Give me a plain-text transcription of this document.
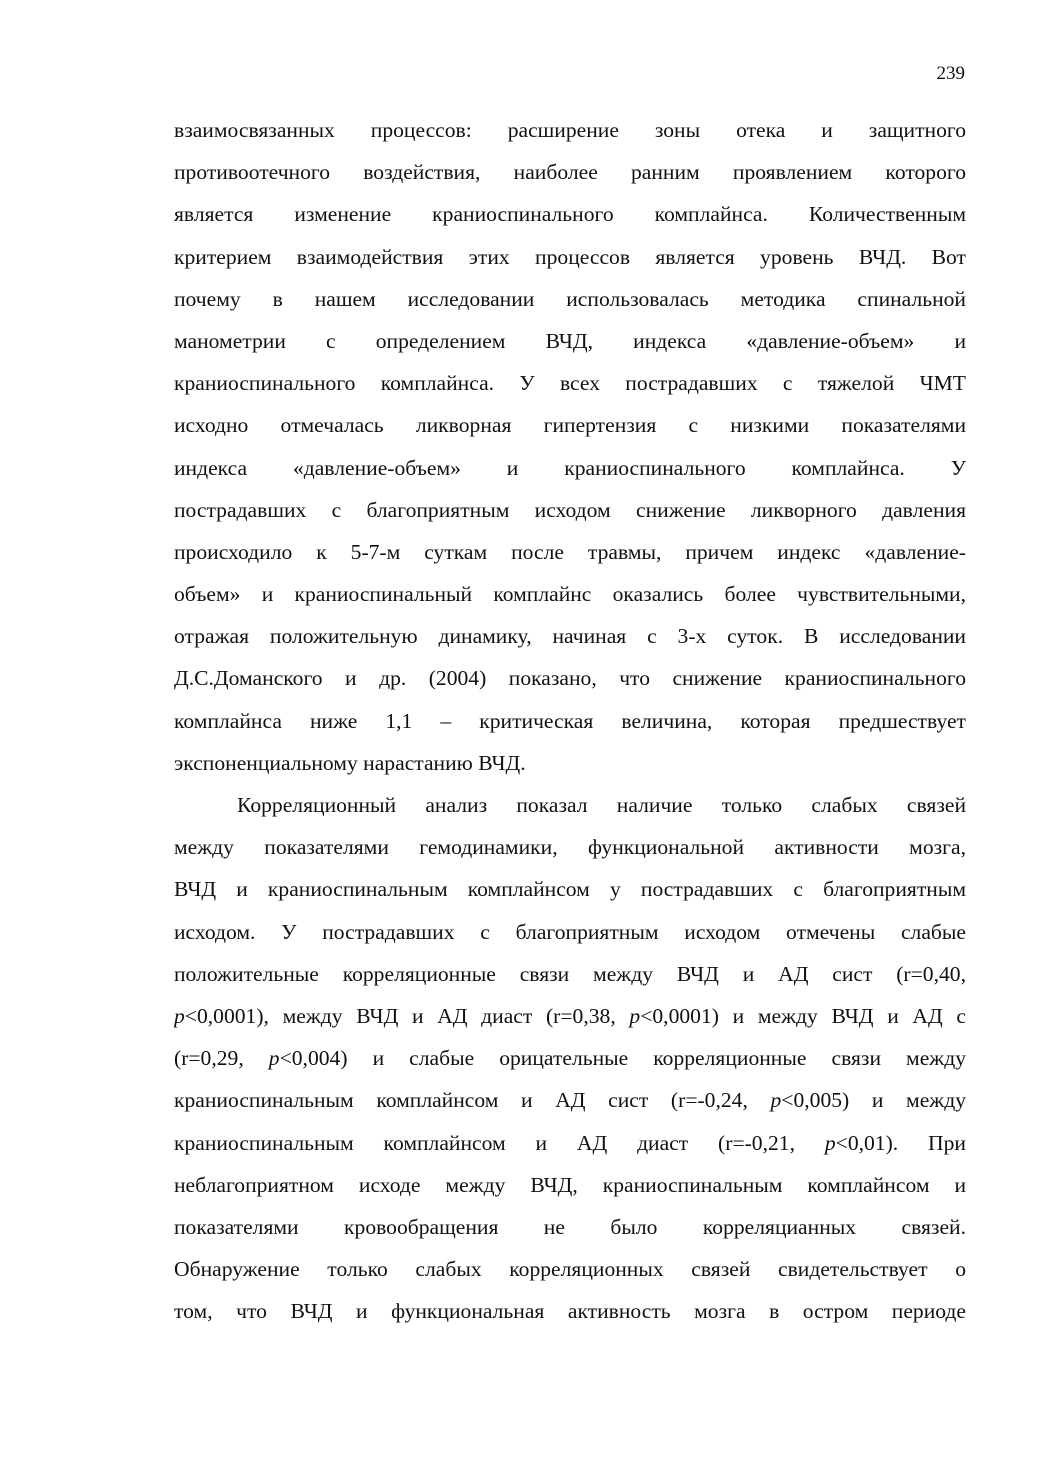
239
взаимосвязанных процессов: расширение зоны отека и защитного
противоотечного воздействия, наиболее ранним проявлением которого
является изменение краниоспинального комплайнса. Количественным
критерием взаимодействия этих процессов является уровень ВЧД. Вот
почему в нашем исследовании использовалась методика спинальной
манометрии с определением ВЧД, индекса «давление-объем» и
краниоспинального комплайнса. У всех пострадавших с тяжелой ЧМТ
исходно отмечалась ликворная гипертензия с низкими показателями
индекса «давление-объем» и краниоспинального комплайнса. У
пострадавших с благоприятным исходом снижение ликворного давления
происходило к 5-7-м суткам после травмы, причем индекс «давление-
объем» и краниоспинальный комплайнс оказались более чувствительными,
отражая положительную динамику, начиная с 3-х суток. В исследовании
Д.С.Доманского и др. (2004) показано, что снижение краниоспинального
комплайнса ниже 1,1 – критическая величина, которая предшествует
экспоненциальному нарастанию ВЧД.
Корреляционный анализ показал наличие только слабых связей
между показателями гемодинамики, функциональной активности мозга,
ВЧД и краниоспинальным комплайнсом у пострадавших с благоприятным
исходом. У пострадавших с благоприятным исходом отмечены слабые
положительные корреляционные связи между ВЧД и АД сист (r=0,40,
p<0,0001), между ВЧД и АД диаст (r=0,38, p<0,0001) и между ВЧД и АД с
(r=0,29, p<0,004) и слабые орицательные корреляционные связи между
краниоспинальным комплайнсом и АД сист (r=-0,24, p<0,005) и между
краниоспинальным комплайнсом и АД диаст (r=-0,21, p<0,01). При
неблагоприятном исходе между ВЧД, краниоспинальным комплайнсом и
показателями кровообращения не было корреляцианных связей.
Обнаружение только слабых корреляционных связей свидетельствует о
том, что ВЧД и функциональная активность мозга в остром периоде
